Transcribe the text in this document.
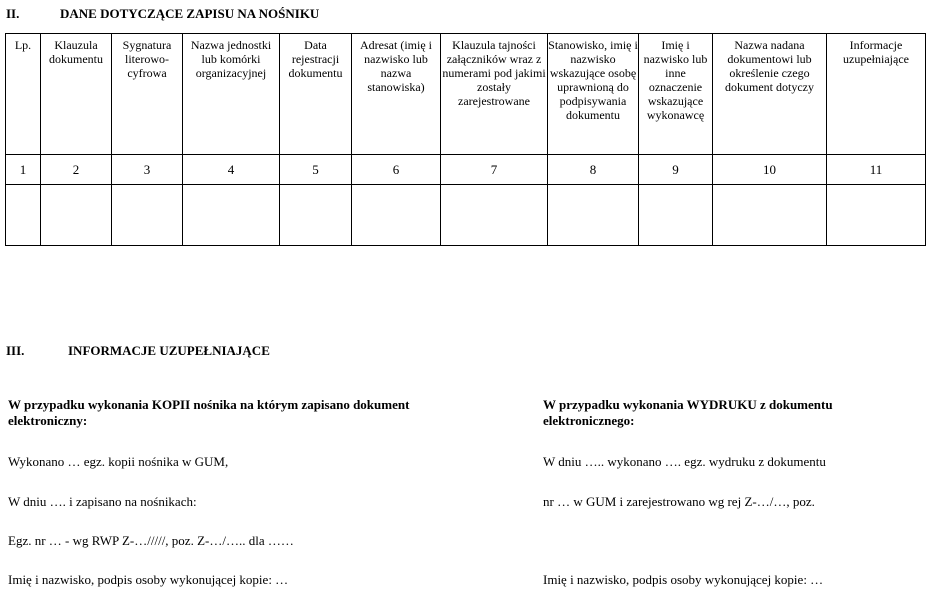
II.	DANE DOTYCZĄCE ZAPISU NA NOŚNIKU
Lp.	Klauzula dokumentu	Sygnatura literowo-cyfrowa	Nazwa jednostki lub komórki organizacyjnej	Data rejestracji dokumentu	Adresat (imię i nazwisko lub nazwa stanowiska)	Klauzula tajności załączników wraz z numerami pod jakimi zostały zarejestrowane	Stanowisko, imię i nazwisko wskazujące osobę uprawnioną do podpisywania dokumentu	Imię i nazwisko lub inne oznaczenie wskazujące wykonawcę	Nazwa nadana dokumentowi lub określenie czego dokument dotyczy	Informacje uzupełniające
1	2	3	4	5	6	7	8	9	10	11

III.	INFORMACJE UZUPEŁNIAJĄCE
W przypadku wykonania KOPII nośnika na którym zapisano dokument elektroniczny:
Wykonano … egz. kopii nośnika w GUM,
W dniu …. i zapisano na nośnikach:
Egz. nr … - wg RWP Z-…/////, poz. Z-…/….. dla ……
Imię i nazwisko, podpis osoby wykonującej kopie: …
W przypadku wykonania WYDRUKU z dokumentu elektronicznego:
W dniu ….. wykonano …. egz. wydruku z dokumentu
nr … w GUM i zarejestrowano wg rej Z-…/…, poz.
Imię i nazwisko, podpis osoby wykonującej kopie: …
